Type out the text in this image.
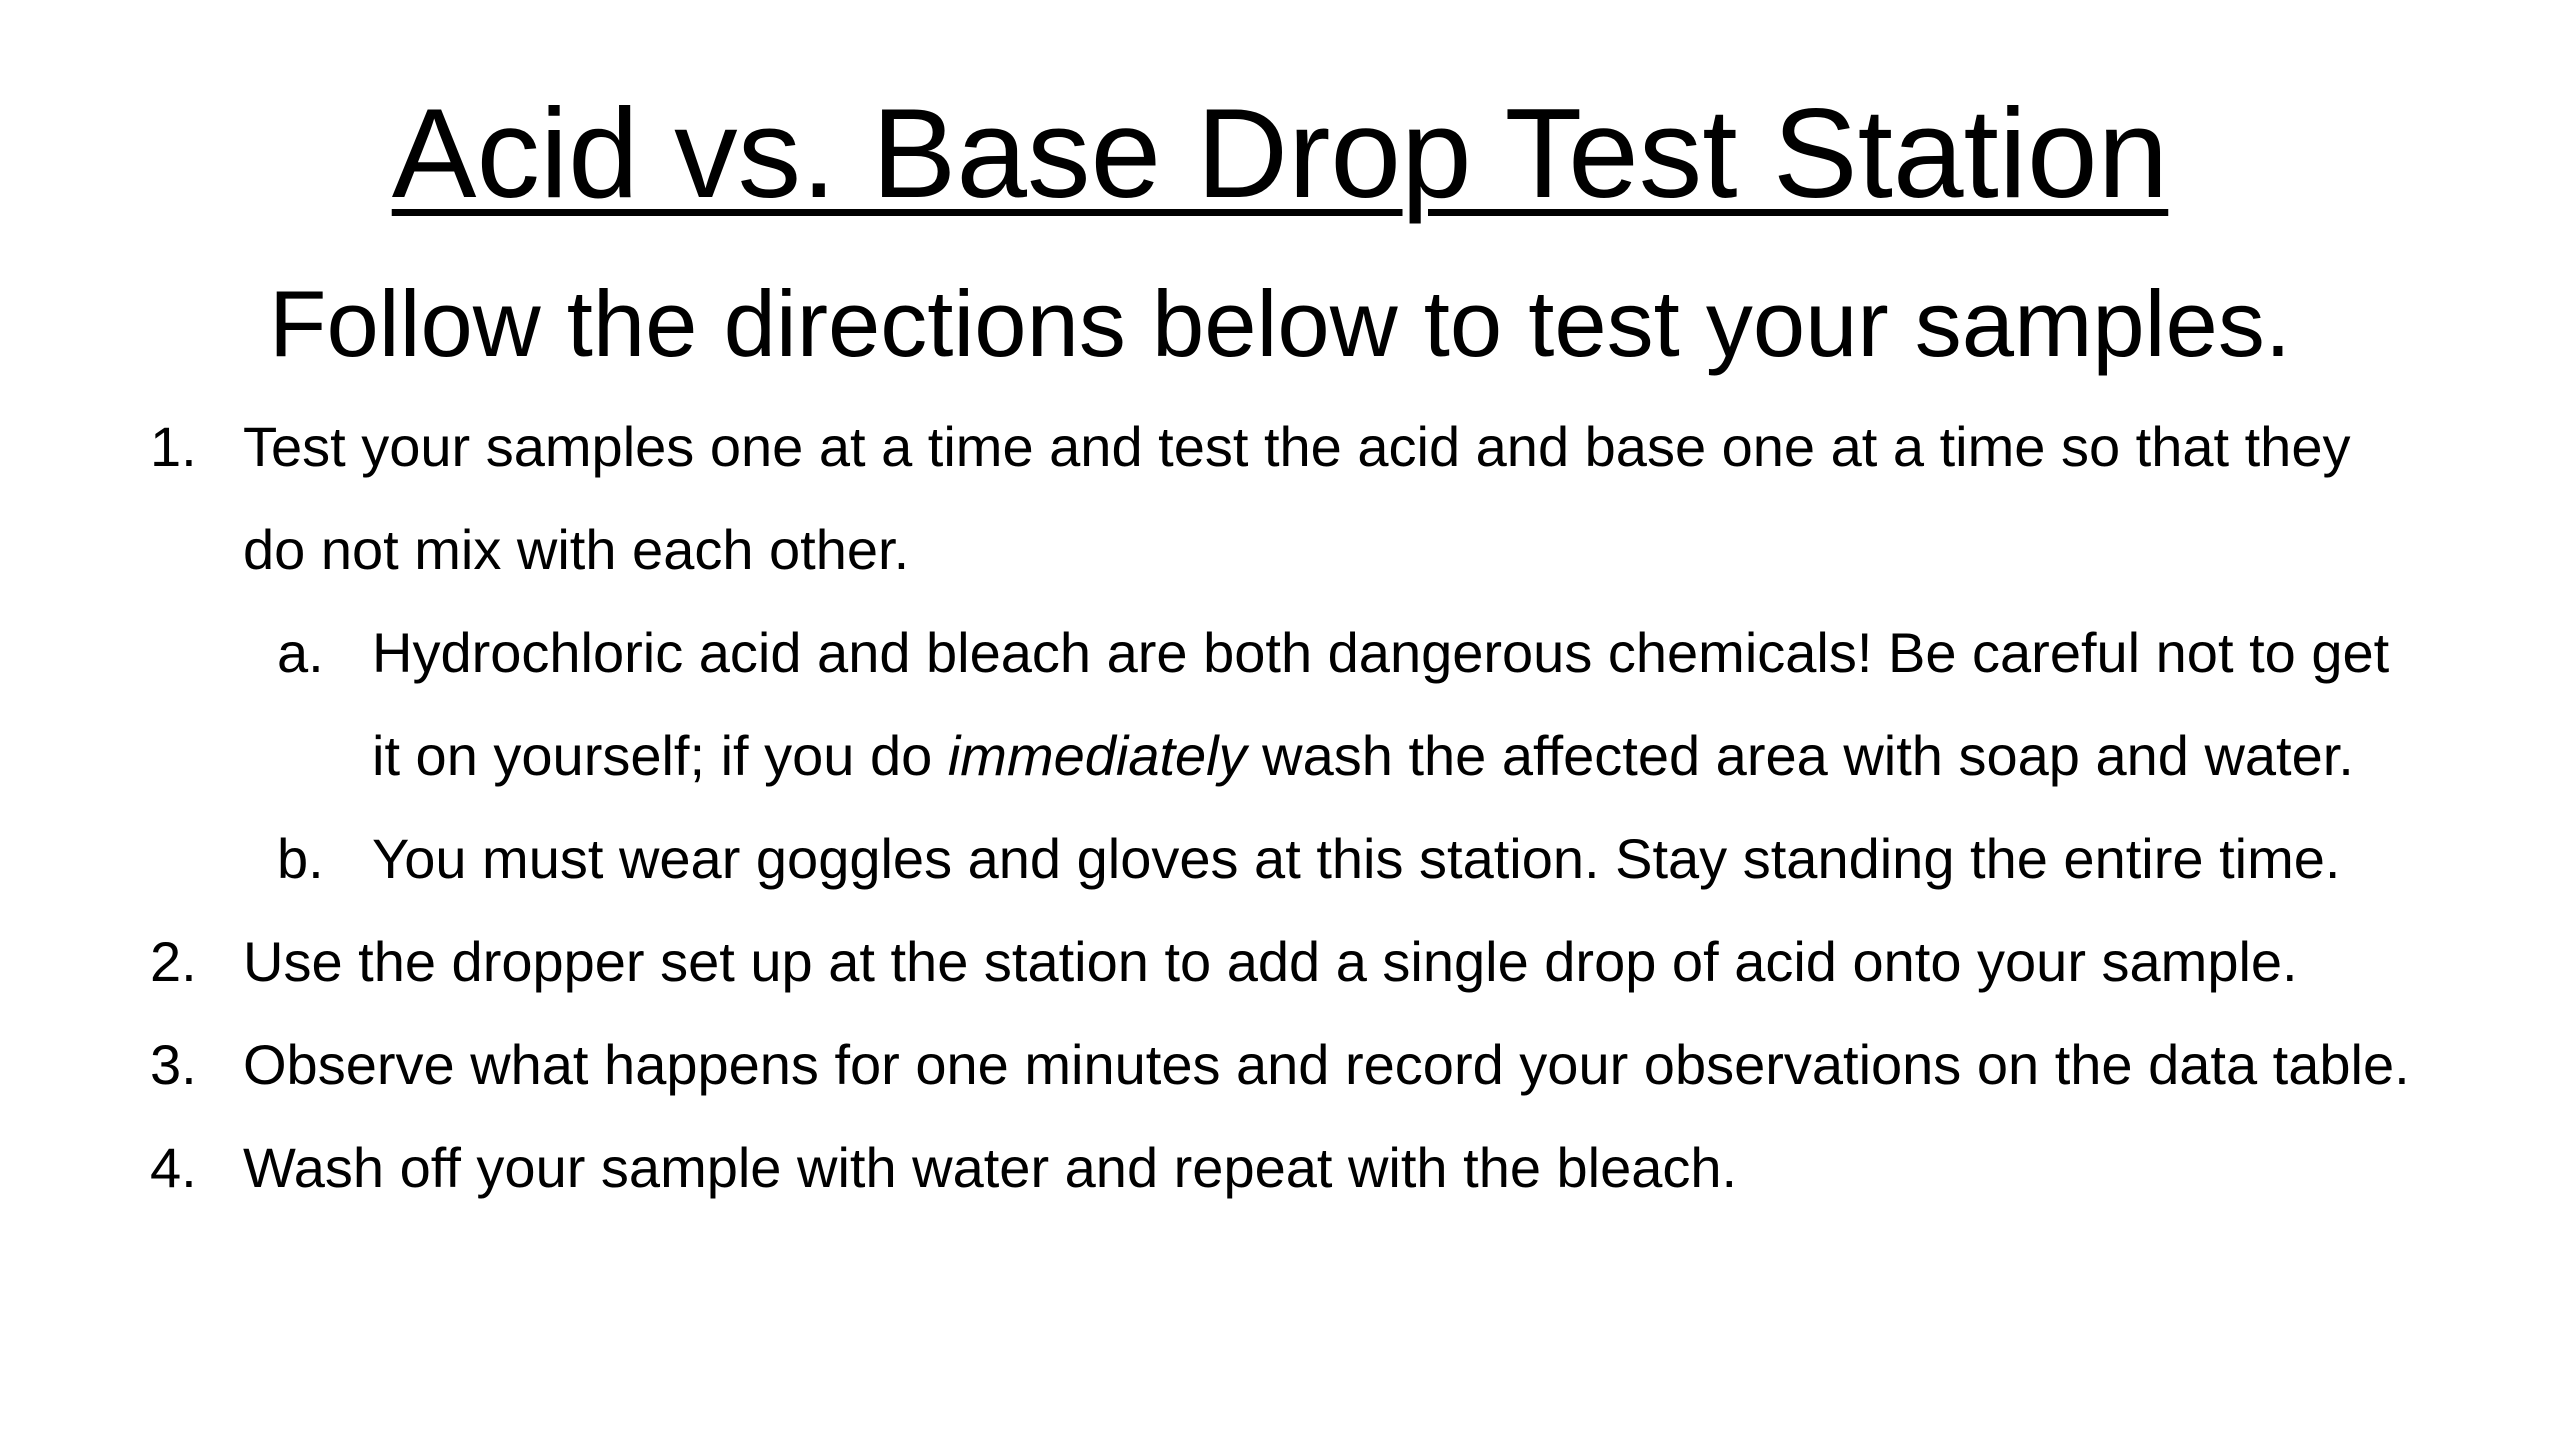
Acid vs. Base Drop Test Station
Follow the directions below to test your samples.
1. Test your samples one at a time and test the acid and base one at a time so that they
do not mix with each other.
a. Hydrochloric acid and bleach are both dangerous chemicals! Be careful not to get
it on yourself; if you do immediately wash the affected area with soap and water.
b. You must wear goggles and gloves at this station. Stay standing the entire time.
2. Use the dropper set up at the station to add a single drop of acid onto your sample.
3. Observe what happens for one minutes and record your observations on the data table.
4. Wash off your sample with water and repeat with the bleach.
